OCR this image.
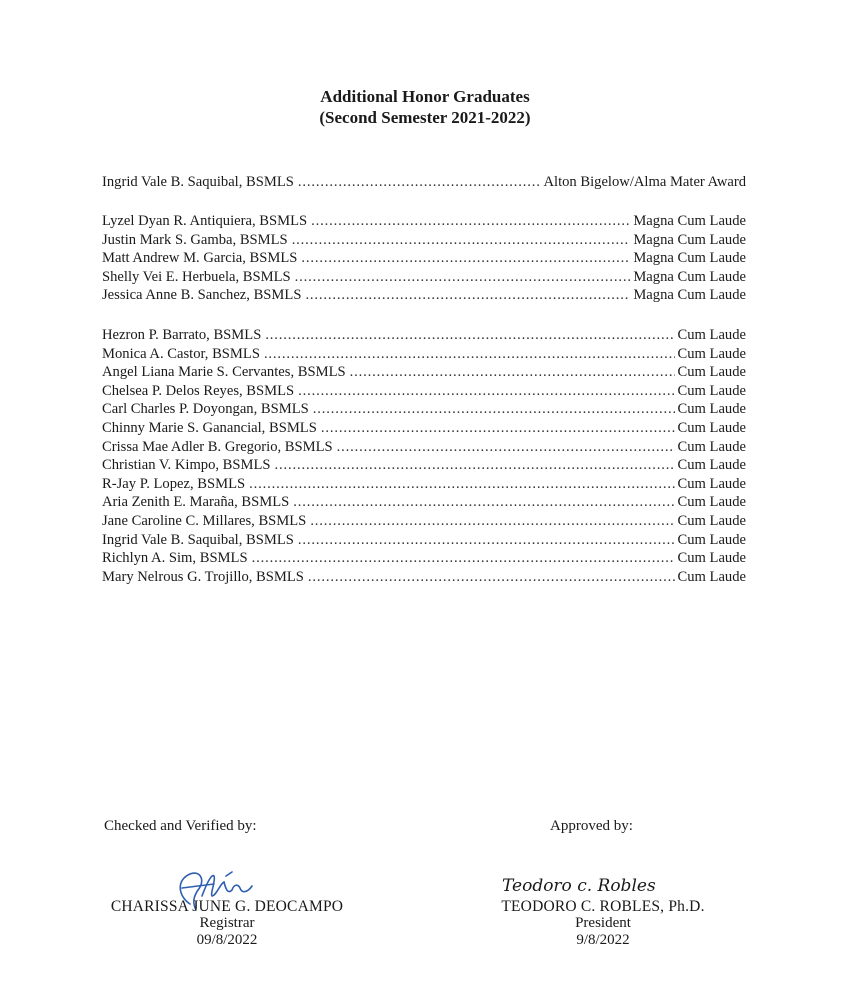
Additional Honor Graduates
(Second Semester 2021-2022)
Ingrid Vale B. Saquibal, BSMLS . . .	Alton Bigelow/Alma Mater Award
Lyzel Dyan R. Antiquiera, BSMLS . . .	Magna Cum Laude
Justin Mark S. Gamba, BSMLS . . .	Magna Cum Laude
Matt Andrew M. Garcia, BSMLS . . .	Magna Cum Laude
Shelly Vei E. Herbuela, BSMLS . . .	Magna Cum Laude
Jessica Anne B. Sanchez, BSMLS . . .	Magna Cum Laude
Hezron P. Barrato, BSMLS . . .	Cum Laude
Monica A. Castor, BSMLS . . .	Cum Laude
Angel Liana Marie S. Cervantes, BSMLS . . .	Cum Laude
Chelsea P. Delos Reyes, BSMLS . . .	Cum Laude
Carl Charles P. Doyongan, BSMLS . . .	Cum Laude
Chinny Marie S. Ganancial, BSMLS . . .	Cum Laude
Crissa Mae Adler B. Gregorio, BSMLS . . .	Cum Laude
Christian V. Kimpo, BSMLS . . .	Cum Laude
R-Jay P. Lopez, BSMLS . . .	Cum Laude
Aria Zenith E. Maraña, BSMLS . . .	Cum Laude
Jane Caroline C. Millares, BSMLS . . .	Cum Laude
Ingrid Vale B. Saquibal, BSMLS . . .	Cum Laude
Richlyn A. Sim, BSMLS . . .	Cum Laude
Mary Nelrous G. Trojillo, BSMLS . . .	Cum Laude
Checked and Verified by:	Approved by:
CHARISSA JUNE G. DEOCAMPO
Registrar
09/8/2022
Teodoro c. Robles
TEODORO C. ROBLES, Ph.D.
President
9/8/2022
